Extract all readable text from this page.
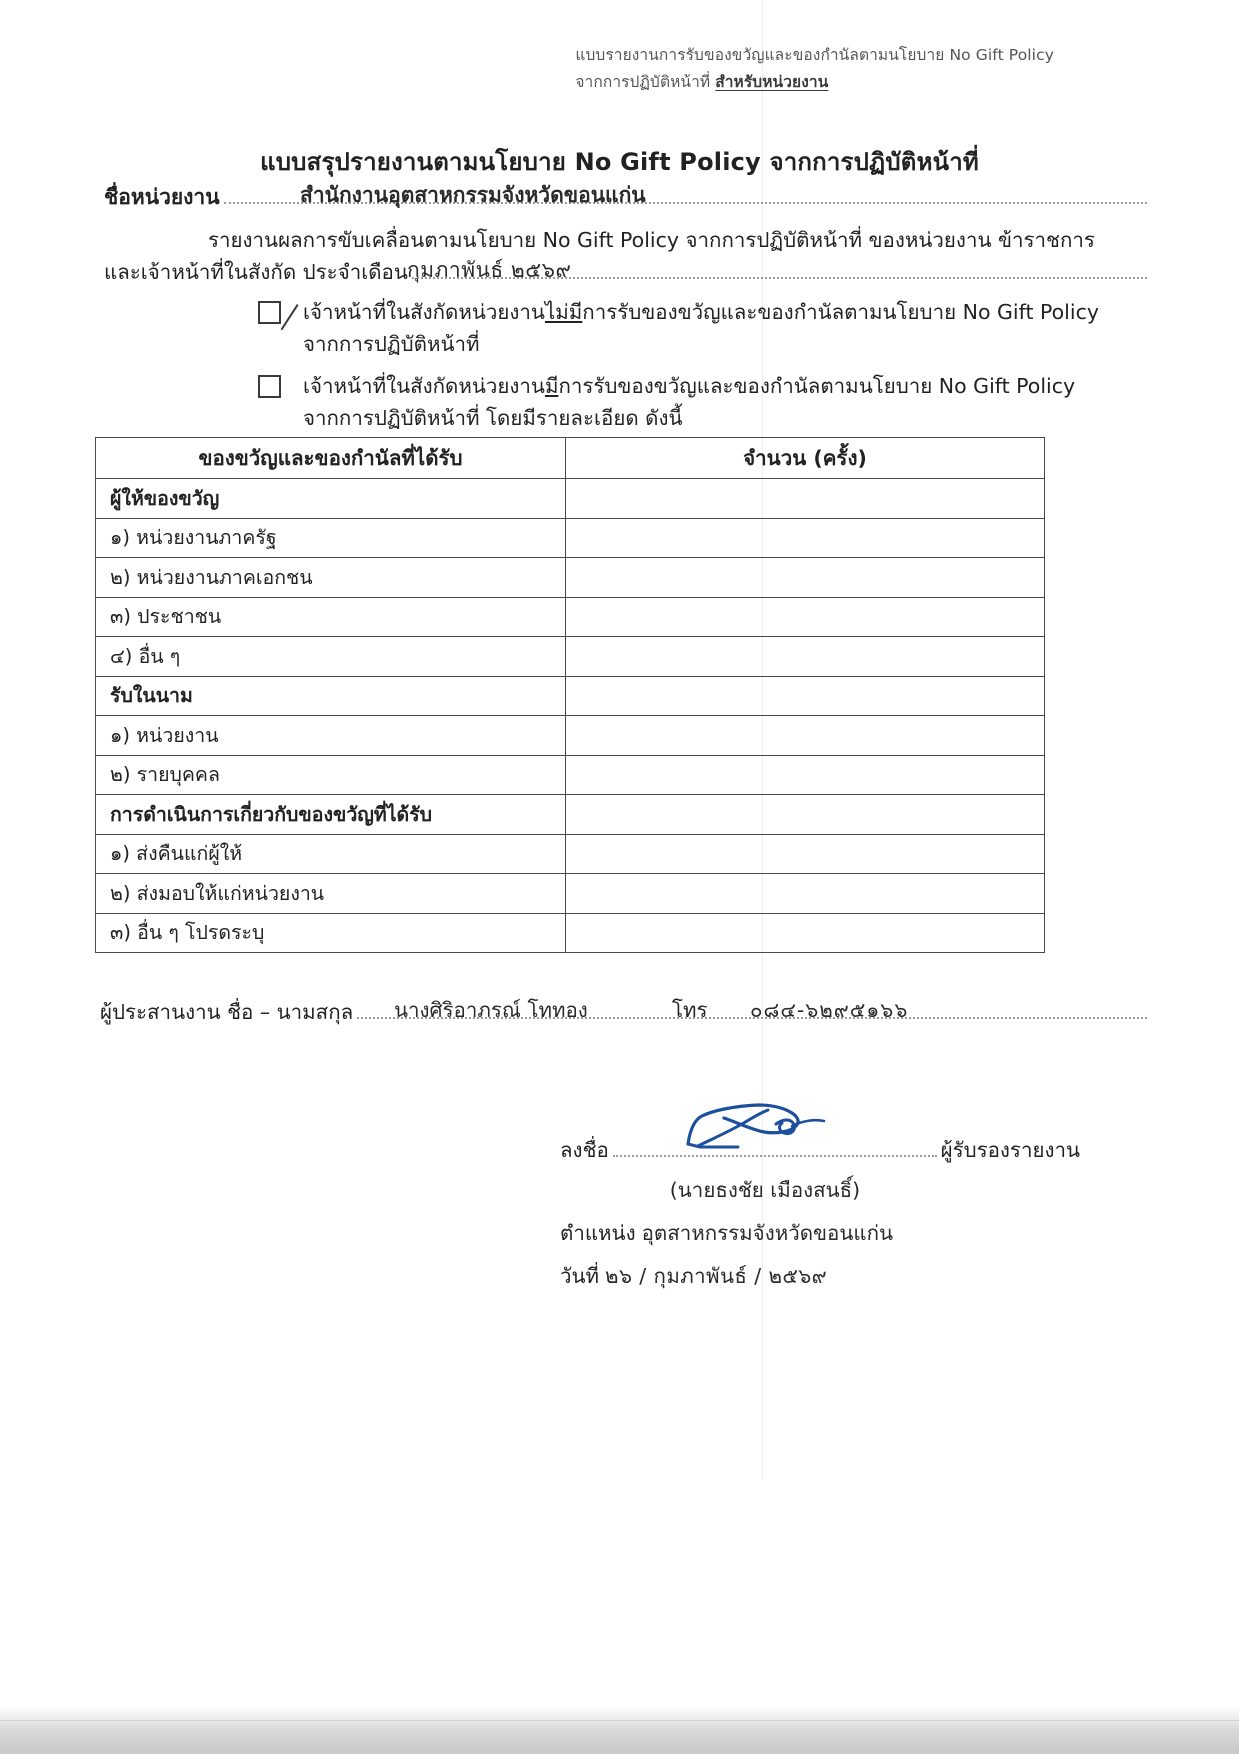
แบบรายงานการรับของขวัญและของกำนัลตามนโยบาย No Gift Policy
จากการปฏิบัติหน้าที่ สำหรับหน่วยงาน
แบบสรุปรายงานตามนโยบาย No Gift Policy จากการปฏิบัติหน้าที่
ชื่อหน่วยงาน	สำนักงานอุตสาหกรรมจังหวัดขอนแก่น
รายงานผลการขับเคลื่อนตามนโยบาย No Gift Policy จากการปฏิบัติหน้าที่ ของหน่วยงาน ข้าราชการ
และเจ้าหน้าที่ในสังกัด ประจำเดือน กุมภาพันธ์ ๒๕๖๙
เจ้าหน้าที่ในสังกัดหน่วยงานไม่มีการรับของขวัญและของกำนัลตามนโยบาย No Gift Policy
จากการปฏิบัติหน้าที่
เจ้าหน้าที่ในสังกัดหน่วยงานมีการรับของขวัญและของกำนัลตามนโยบาย No Gift Policy
จากการปฏิบัติหน้าที่ โดยมีรายละเอียด ดังนี้
ของขวัญและของกำนัลที่ได้รับ	จำนวน (ครั้ง)
ผู้ให้ของขวัญ	
๑) หน่วยงานภาครัฐ	
๒) หน่วยงานภาคเอกชน	
๓) ประชาชน	
๔) อื่น ๆ	
รับในนาม	
๑) หน่วยงาน	
๒) รายบุคคล	
การดำเนินการเกี่ยวกับของขวัญที่ได้รับ	
๑) ส่งคืนแก่ผู้ให้	
๒) ส่งมอบให้แก่หน่วยงาน	
๓) อื่น ๆ โปรดระบุ	
ผู้ประสานงาน ชื่อ – นามสกุล นางศิริอาภรณ์ โททอง	โทร ๐๘๔-๖๒๙๕๑๖๖
ลงชื่อ	ผู้รับรองรายงาน
(นายธงชัย เมืองสนธิ์)
ตำแหน่ง อุตสาหกรรมจังหวัดขอนแก่น
วันที่ ๒๖ / กุมภาพันธ์ / ๒๕๖๙
